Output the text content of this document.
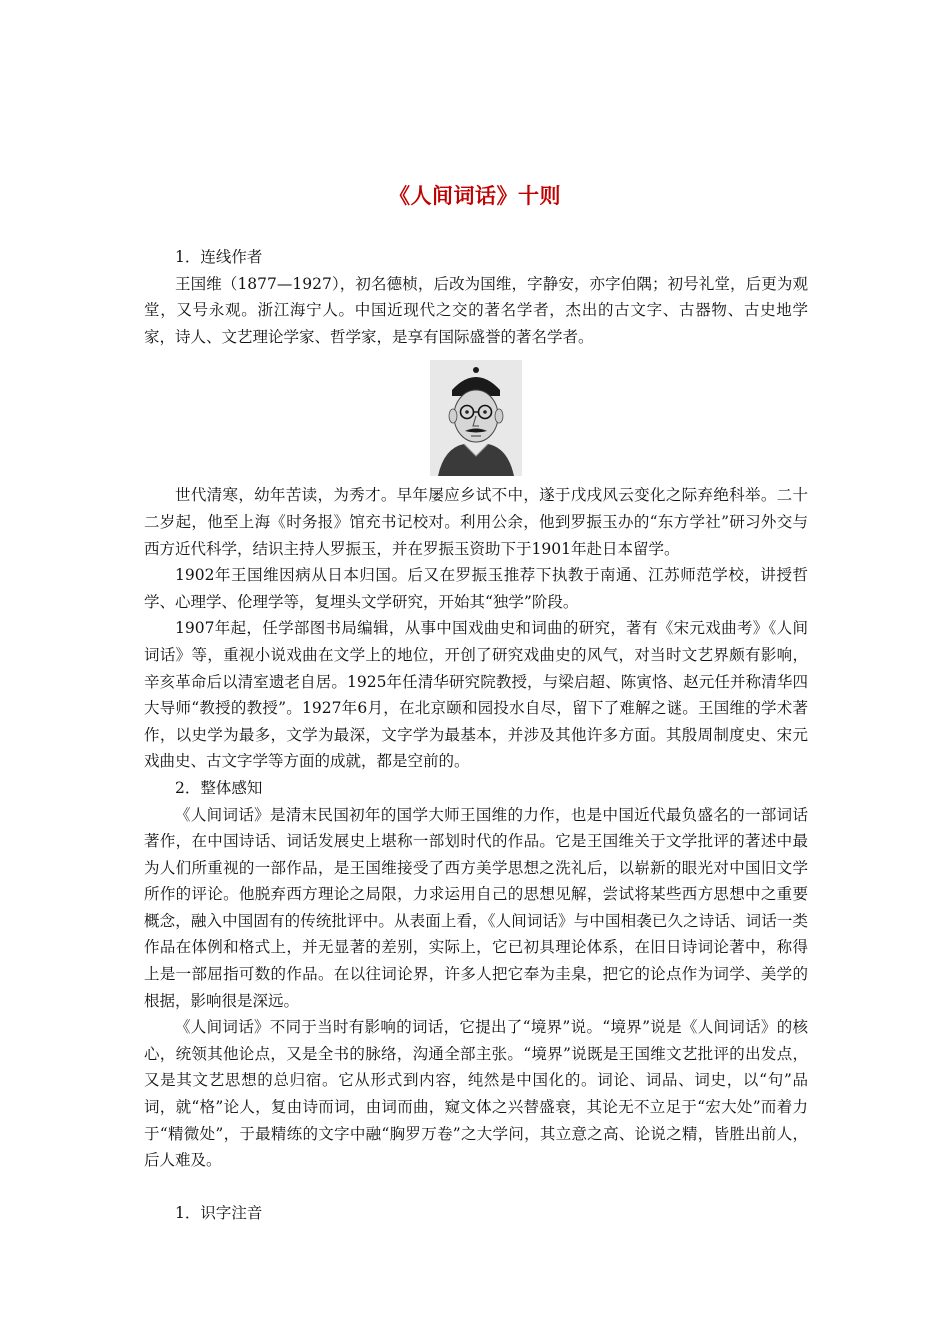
《人间词话》十则

1．连线作者

王国维（1877—1927），初名德桢，后改为国维，字静安，亦字伯隅；初号礼堂，后更为观堂，又号永观。浙江海宁人。中国近现代之交的著名学者，杰出的古文字、古器物、古史地学家，诗人、文艺理论学家、哲学家，是享有国际盛誉的著名学者。

世代清寒，幼年苦读，为秀才。早年屡应乡试不中，遂于戊戌风云变化之际弃绝科举。二十二岁起，他至上海《时务报》馆充书记校对。利用公余，他到罗振玉办的“东方学社”研习外交与西方近代科学，结识主持人罗振玉，并在罗振玉资助下于1901年赴日本留学。

1902年王国维因病从日本归国。后又在罗振玉推荐下执教于南通、江苏师范学校，讲授哲学、心理学、伦理学等，复埋头文学研究，开始其“独学”阶段。

1907年起，任学部图书局编辑，从事中国戏曲史和词曲的研究，著有《宋元戏曲考》《人间词话》等，重视小说戏曲在文学上的地位，开创了研究戏曲史的风气，对当时文艺界颇有影响，辛亥革命后以清室遗老自居。1925年任清华研究院教授，与梁启超、陈寅恪、赵元任并称清华四大导师“教授的教授”。1927年6月，在北京颐和园投水自尽，留下了难解之谜。王国维的学术著作，以史学为最多，文学为最深，文字学为最基本，并涉及其他许多方面。其殷周制度史、宋元戏曲史、古文字学等方面的成就，都是空前的。

2．整体感知

《人间词话》是清末民国初年的国学大师王国维的力作，也是中国近代最负盛名的一部词话著作，在中国诗话、词话发展史上堪称一部划时代的作品。它是王国维关于文学批评的著述中最为人们所重视的一部作品，是王国维接受了西方美学思想之洗礼后，以崭新的眼光对中国旧文学所作的评论。他脱弃西方理论之局限，力求运用自己的思想见解，尝试将某些西方思想中之重要概念，融入中国固有的传统批评中。从表面上看，《人间词话》与中国相袭已久之诗话、词话一类作品在体例和格式上，并无显著的差别，实际上，它已初具理论体系，在旧日诗词论著中，称得上是一部屈指可数的作品。在以往词论界，许多人把它奉为圭臬，把它的论点作为词学、美学的根据，影响很是深远。

《人间词话》不同于当时有影响的词话，它提出了“境界”说。“境界”说是《人间词话》的核心，统领其他论点，又是全书的脉络，沟通全部主张。“境界”说既是王国维文艺批评的出发点，又是其文艺思想的总归宿。它从形式到内容，纯然是中国化的。词论、词品、词史，以“句”品词，就“格”论人，复由诗而词，由词而曲，窥文体之兴替盛衰，其论无不立足于“宏大处”而着力于“精微处”，于最精练的文字中融“胸罗万卷”之大学问，其立意之高、论说之精，皆胜出前人，后人难及。

1．识字注音
